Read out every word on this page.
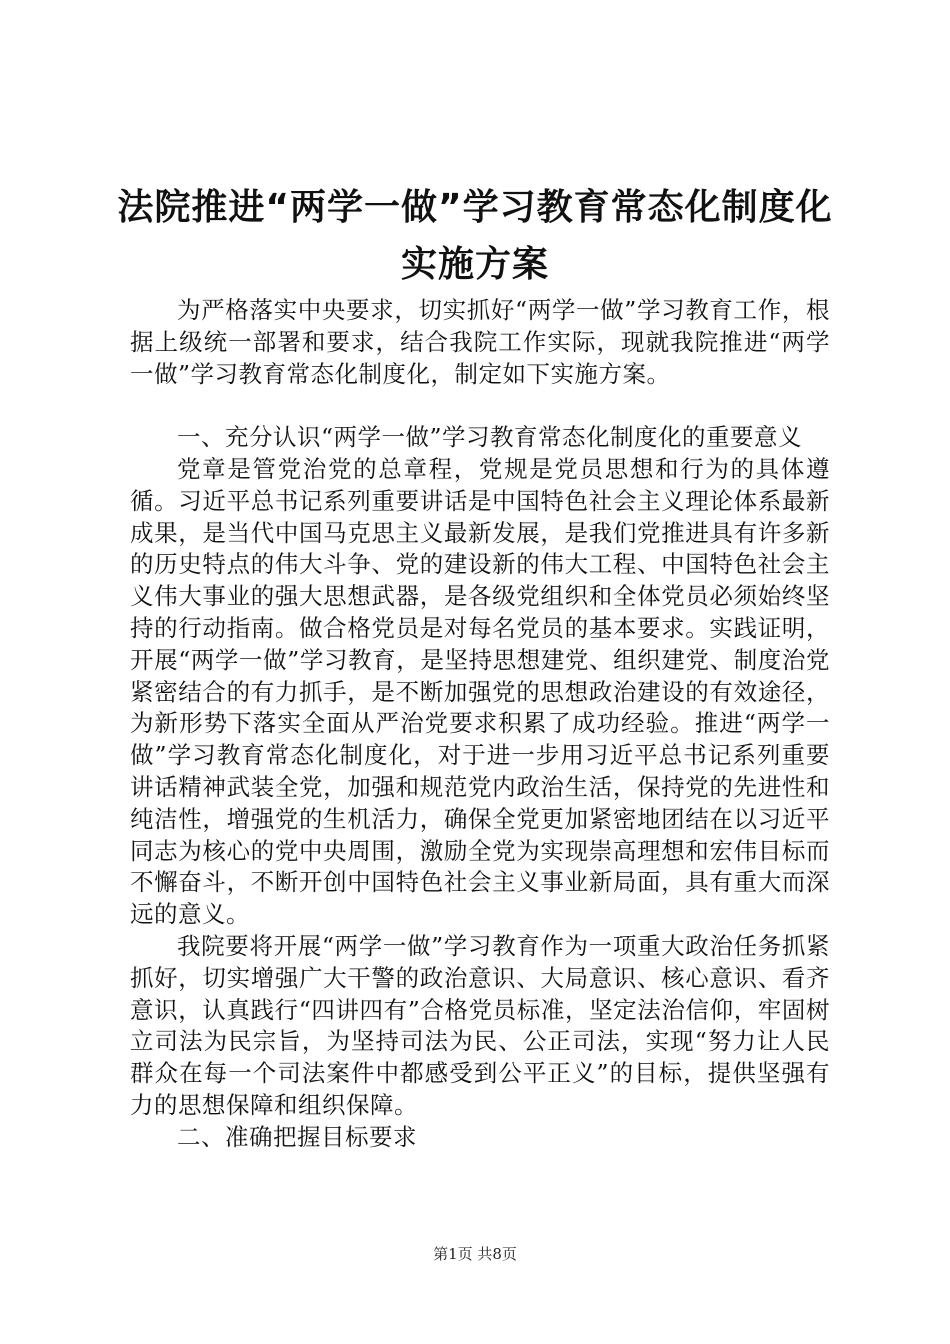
法院推进“两学一做”学习教育常态化制度化
实施方案

为严格落实中央要求，切实抓好“两学一做”学习教育工作，根据上级统一部署和要求，结合我院工作实际，现就我院推进“两学一做”学习教育常态化制度化，制定如下实施方案。

一、充分认识“两学一做”学习教育常态化制度化的重要意义

党章是管党治党的总章程，党规是党员思想和行为的具体遵循。习近平总书记系列重要讲话是中国特色社会主义理论体系最新成果，是当代中国马克思主义最新发展，是我们党推进具有许多新的历史特点的伟大斗争、党的建设新的伟大工程、中国特色社会主义伟大事业的强大思想武器，是各级党组织和全体党员必须始终坚持的行动指南。做合格党员是对每名党员的基本要求。实践证明，开展“两学一做”学习教育，是坚持思想建党、组织建党、制度治党紧密结合的有力抓手，是不断加强党的思想政治建设的有效途径，为新形势下落实全面从严治党要求积累了成功经验。推进“两学一做”学习教育常态化制度化，对于进一步用习近平总书记系列重要讲话精神武装全党，加强和规范党内政治生活，保持党的先进性和纯洁性，增强党的生机活力，确保全党更加紧密地团结在以习近平同志为核心的党中央周围，激励全党为实现崇高理想和宏伟目标而不懈奋斗，不断开创中国特色社会主义事业新局面，具有重大而深远的意义。

我院要将开展“两学一做”学习教育作为一项重大政治任务抓紧抓好，切实增强广大干警的政治意识、大局意识、核心意识、看齐意识，认真践行“四讲四有”合格党员标准，坚定法治信仰，牢固树立司法为民宗旨，为坚持司法为民、公正司法，实现“努力让人民群众在每一个司法案件中都感受到公平正义”的目标，提供坚强有力的思想保障和组织保障。

二、准确把握目标要求

第1页 共8页
